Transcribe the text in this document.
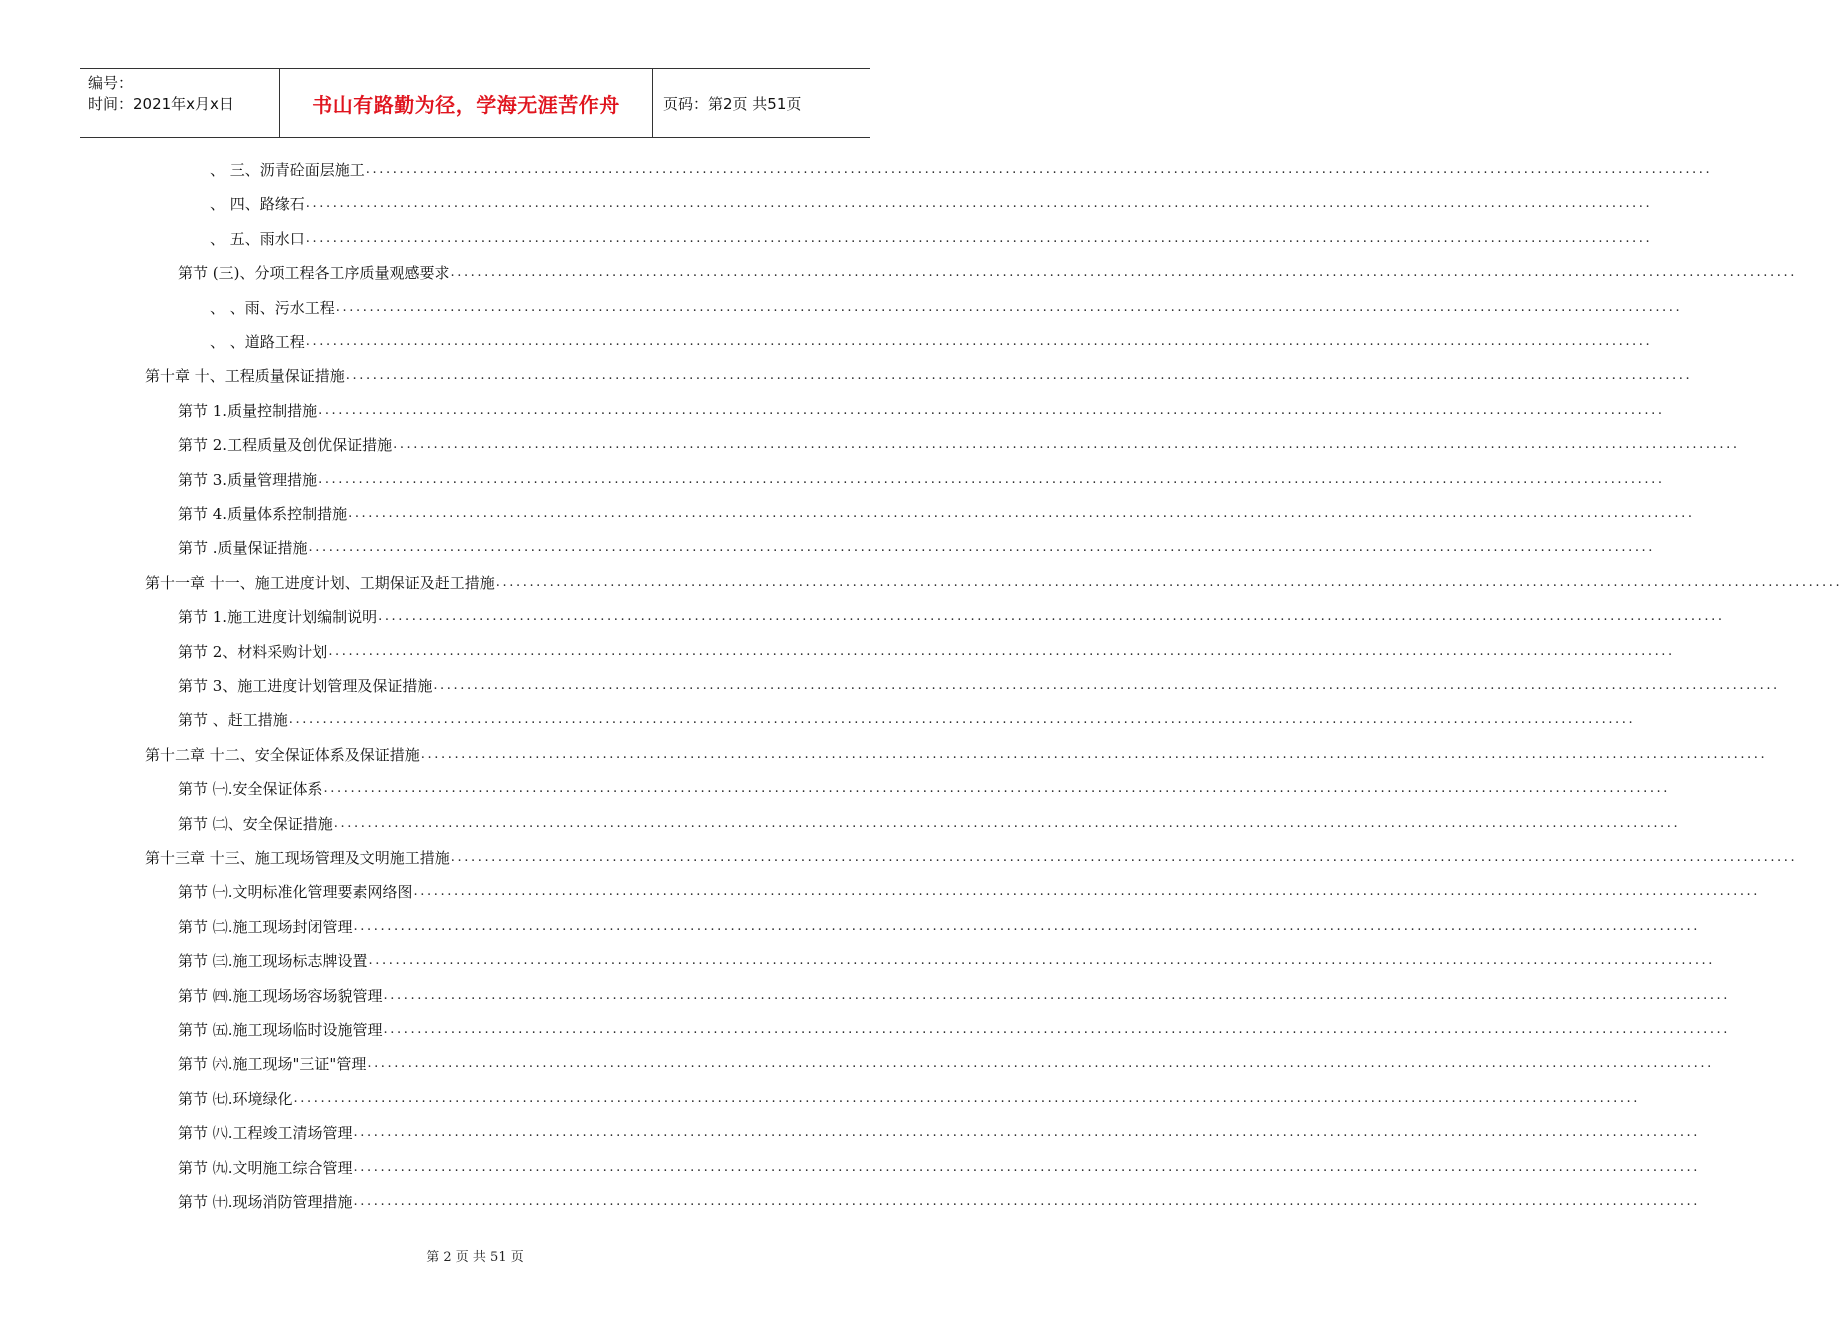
编号：
时间：2021年x月x日	书山有路勤为径，学海无涯苦作舟	页码：第2页 共51页
、 三、沥青砼面层施工 ........................................................................................................................................................................................................
、 四、路缘石 ........................................................................................................................................................................................................
、 五、雨水口 ........................................................................................................................................................................................................
第节 (三)、分项工程各工序质量观感要求 ........................................................................................................................................................................................................
、 、雨、污水工程 ........................................................................................................................................................................................................
、 、道路工程 ........................................................................................................................................................................................................
第十章 十、工程质量保证措施 ........................................................................................................................................................................................................
第节 1.质量控制措施 ........................................................................................................................................................................................................
第节 2.工程质量及创优保证措施 ........................................................................................................................................................................................................
第节 3.质量管理措施 ........................................................................................................................................................................................................
第节 4.质量体系控制措施 ........................................................................................................................................................................................................
第节 .质量保证措施 ........................................................................................................................................................................................................
第十一章 十一、施工进度计划、工期保证及赶工措施 ........................................................................................................................................................................................................
第节 1.施工进度计划编制说明 ........................................................................................................................................................................................................
第节 2、材料采购计划 ........................................................................................................................................................................................................
第节 3、施工进度计划管理及保证措施 ........................................................................................................................................................................................................
第节 、赶工措施 ........................................................................................................................................................................................................
第十二章 十二、安全保证体系及保证措施 ........................................................................................................................................................................................................
第节 ㈠.安全保证体系 ........................................................................................................................................................................................................
第节 ㈡、安全保证措施 ........................................................................................................................................................................................................
第十三章 十三、施工现场管理及文明施工措施 ........................................................................................................................................................................................................
第节 ㈠.文明标准化管理要素网络图 ........................................................................................................................................................................................................
第节 ㈡.施工现场封闭管理 ........................................................................................................................................................................................................
第节 ㈢.施工现场标志牌设置 ........................................................................................................................................................................................................
第节 ㈣.施工现场场容场貌管理 ........................................................................................................................................................................................................
第节 ㈤.施工现场临时设施管理 ........................................................................................................................................................................................................
第节 ㈥.施工现场"三证"管理 ........................................................................................................................................................................................................
第节 ㈦.环境绿化 ........................................................................................................................................................................................................
第节 ㈧.工程竣工清场管理 ........................................................................................................................................................................................................
第节 ㈨.文明施工综合管理 ........................................................................................................................................................................................................
第节 ㈩.现场消防管理措施 ........................................................................................................................................................................................................
第 2 页 共 51 页
